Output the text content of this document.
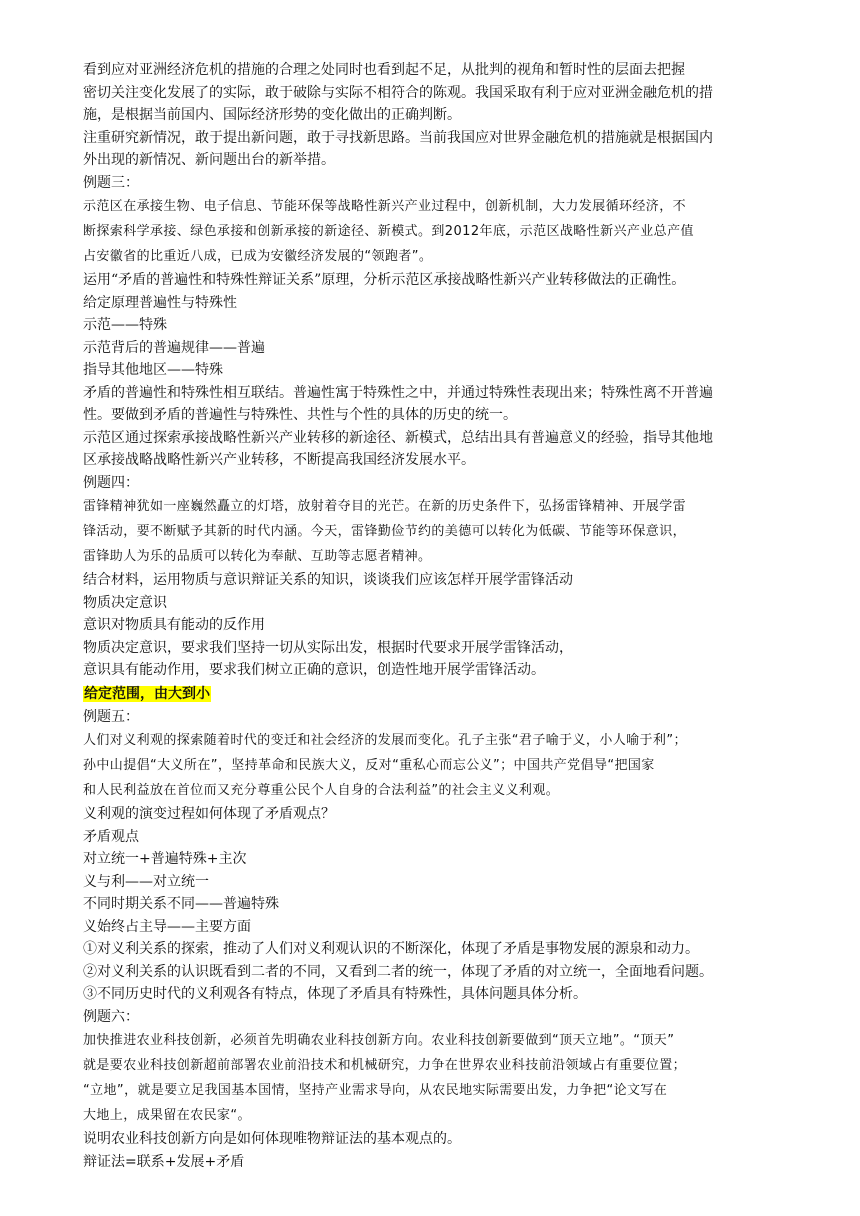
看到应对亚洲经济危机的措施的合理之处同时也看到起不足，从批判的视角和暂时性的层面去把握
密切关注变化发展了的实际，敢于破除与实际不相符合的陈观。我国采取有利于应对亚洲金融危机的措
施，是根据当前国内、国际经济形势的变化做出的正确判断。
注重研究新情况，敢于提出新问题，敢于寻找新思路。当前我国应对世界金融危机的措施就是根据国内
外出现的新情况、新问题出台的新举措。
例题三：
示范区在承接生物、电子信息、节能环保等战略性新兴产业过程中，创新机制，大力发展循环经济，不
断探索科学承接、绿色承接和创新承接的新途径、新模式。到2012年底，示范区战略性新兴产业总产值
占安徽省的比重近八成，已成为安徽经济发展的“领跑者”。
运用“矛盾的普遍性和特殊性辩证关系”原理，分析示范区承接战略性新兴产业转移做法的正确性。
给定原理普遍性与特殊性
示范——特殊
示范背后的普遍规律——普遍
指导其他地区——特殊
矛盾的普遍性和特殊性相互联结。普遍性寓于特殊性之中，并通过特殊性表现出来；特殊性离不开普遍
性。要做到矛盾的普遍性与特殊性、共性与个性的具体的历史的统一。
示范区通过探索承接战略性新兴产业转移的新途径、新模式，总结出具有普遍意义的经验，指导其他地
区承接战略战略性新兴产业转移，不断提高我国经济发展水平。
例题四：
雷锋精神犹如一座巍然矗立的灯塔，放射着夺目的光芒。在新的历史条件下，弘扬雷锋精神、开展学雷
锋活动，要不断赋予其新的时代内涵。今天，雷锋勤俭节约的美德可以转化为低碳、节能等环保意识，
雷锋助人为乐的品质可以转化为奉献、互助等志愿者精神。
结合材料，运用物质与意识辩证关系的知识，谈谈我们应该怎样开展学雷锋活动
物质决定意识
意识对物质具有能动的反作用
物质决定意识，要求我们坚持一切从实际出发，根据时代要求开展学雷锋活动，
意识具有能动作用，要求我们树立正确的意识，创造性地开展学雷锋活动。
给定范围，由大到小
例题五：
人们对义利观的探索随着时代的变迁和社会经济的发展而变化。孔子主张“君子喻于义，小人喻于利”；
孙中山提倡“大义所在”，坚持革命和民族大义，反对“重私心而忘公义”；中国共产党倡导“把国家
和人民利益放在首位而又充分尊重公民个人自身的合法利益”的社会主义义利观。
义利观的演变过程如何体现了矛盾观点？
矛盾观点
对立统一+普遍特殊+主次
义与利——对立统一
不同时期关系不同——普遍特殊
义始终占主导——主要方面
①对义利关系的探索，推动了人们对义利观认识的不断深化，体现了矛盾是事物发展的源泉和动力。
②对义利关系的认识既看到二者的不同，又看到二者的统一，体现了矛盾的对立统一，全面地看问题。
③不同历史时代的义利观各有特点，体现了矛盾具有特殊性，具体问题具体分析。
例题六：
加快推进农业科技创新，必须首先明确农业科技创新方向。农业科技创新要做到“顶天立地”。“顶天”
就是要农业科技创新超前部署农业前沿技术和机械研究，力争在世界农业科技前沿领域占有重要位置；
“立地”，就是要立足我国基本国情，坚持产业需求导向，从农民地实际需要出发，力争把“论文写在
大地上，成果留在农民家“。
说明农业科技创新方向是如何体现唯物辩证法的基本观点的。
辩证法=联系+发展+矛盾
